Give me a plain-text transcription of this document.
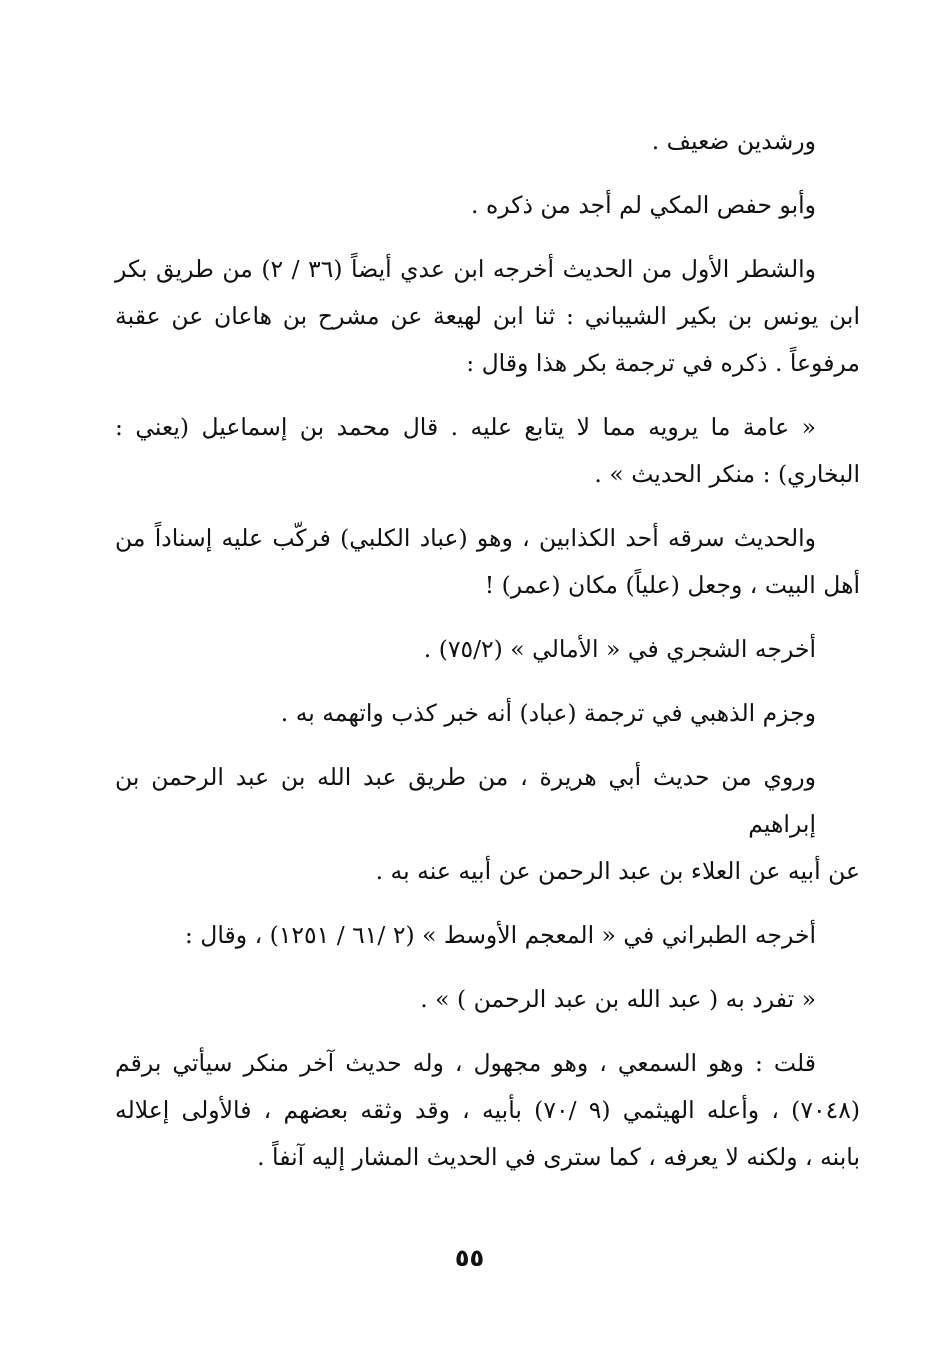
ورشدين ضعيف .

وأبو حفص المكي لم أجد من ذكره .

والشطر الأول من الحديث أخرجه ابن عدي أيضاً (٣٦ / ٢) من طريق بكر
ابن يونس بن بكير الشيباني : ثنا ابن لهيعة عن مشرح بن هاعان عن عقبة
مرفوعاً . ذكره في ترجمة بكر هذا وقال :

« عامة ما يرويه مما لا يتابع عليه . قال محمد بن إسماعيل (يعني :
البخاري) : منكر الحديث » .

والحديث سرقه أحد الكذابين ، وهو (عباد الكلبي) فركّب عليه إسناداً من
أهل البيت ، وجعل (علياً) مكان (عمر) !

أخرجه الشجري في « الأمالي » (٧٥/٢) .

وجزم الذهبي في ترجمة (عباد) أنه خبر كذب واتهمه به .

وروي من حديث أبي هريرة ، من طريق عبد الله بن عبد الرحمن بن إبراهيم
عن أبيه عن العلاء بن عبد الرحمن عن أبيه عنه به .

أخرجه الطبراني في « المعجم الأوسط » (٢ /٦١ / ١٢٥١) ، وقال :

« تفرد به ( عبد الله بن عبد الرحمن ) » .

قلت : وهو السمعي ، وهو مجهول ، وله حديث آخر منكر سيأتي برقم
(٧٠٤٨) ، وأعله الهيثمي (٩ /٧٠) بأبيه ، وقد وثقه بعضهم ، فالأولى إعلاله
بابنه ، ولكنه لا يعرفه ، كما سترى في الحديث المشار إليه آنفاً .

٥٥
